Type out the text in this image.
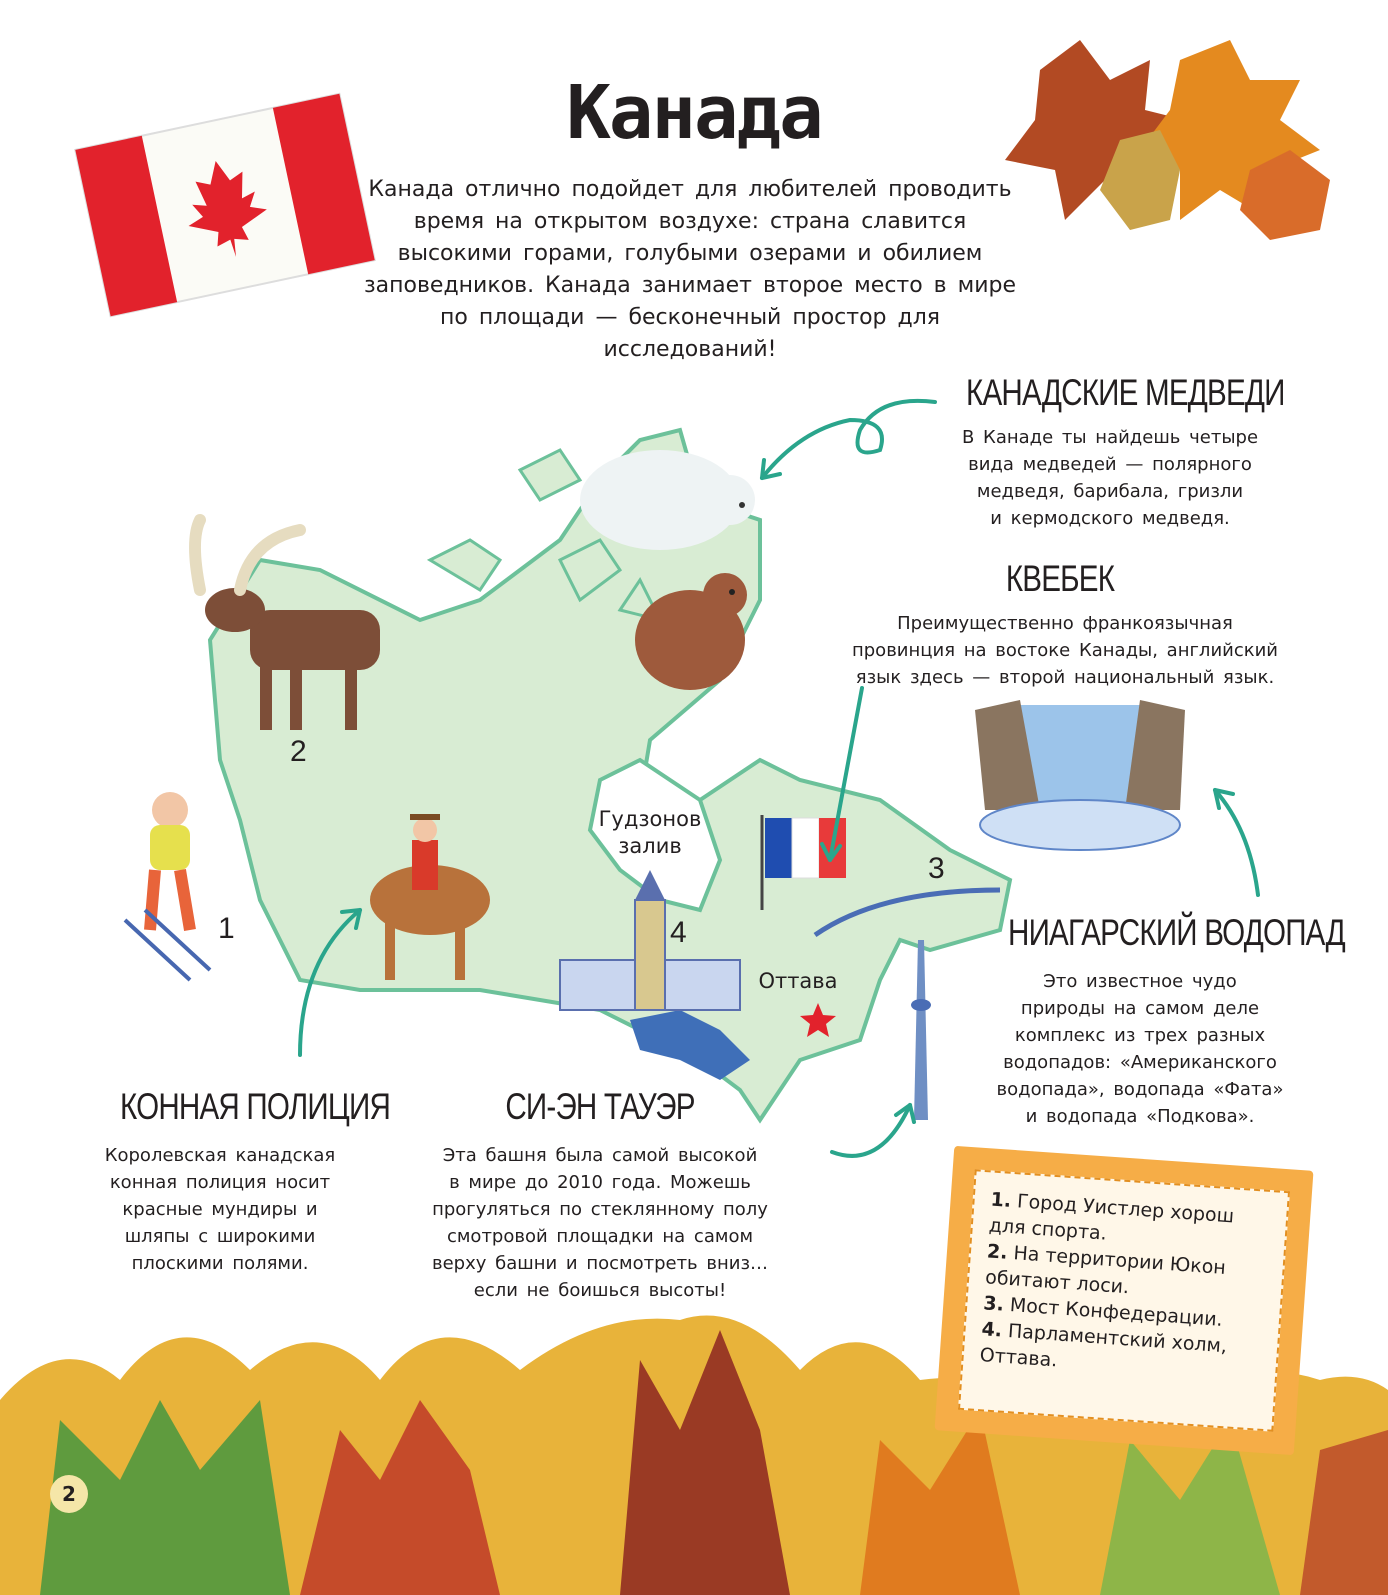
Канада
Канада отлично подойдет для любителей проводить время на открытом воздухе: страна славится высокими горами, голубыми озерами и обилием заповедников. Канада занимает второе место в мире по площади — бесконечный простор для исследований!
КАНАДСКИЕ МЕДВЕДИ
В Канаде ты найдешь четыре
вида медведей — полярного
медведя, барибала, гризли
и кермодского медведя.
КВЕБЕК
Преимущественно франкоязычная
провинция на востоке Канады, английский
язык здесь — второй национальный язык.
НИАГАРСКИЙ ВОДОПАД
Это известное чудо
природы на самом деле
комплекс из трех разных
водопадов: «Американского
водопада», водопада «Фата»
и водопада «Подкова».
КОННАЯ ПОЛИЦИЯ
Королевская канадская
конная полиция носит
красные мундиры и
шляпы с широкими
плоскими полями.
СИ-ЭН ТАУЭР
Эта башня была самой высокой
в мире до 2010 года. Можешь
прогуляться по стеклянному полу
смотровой площадки на самом
верху башни и посмотреть вниз…
если не боишься высоты!
Гудзонов
залив
Оттава
1
2
3
4
1. Город Уистлер хорош для спорта.
2. На территории Юкон обитают лоси.
3. Мост Конфедерации.
4. Парламентский холм, Оттава.
2
